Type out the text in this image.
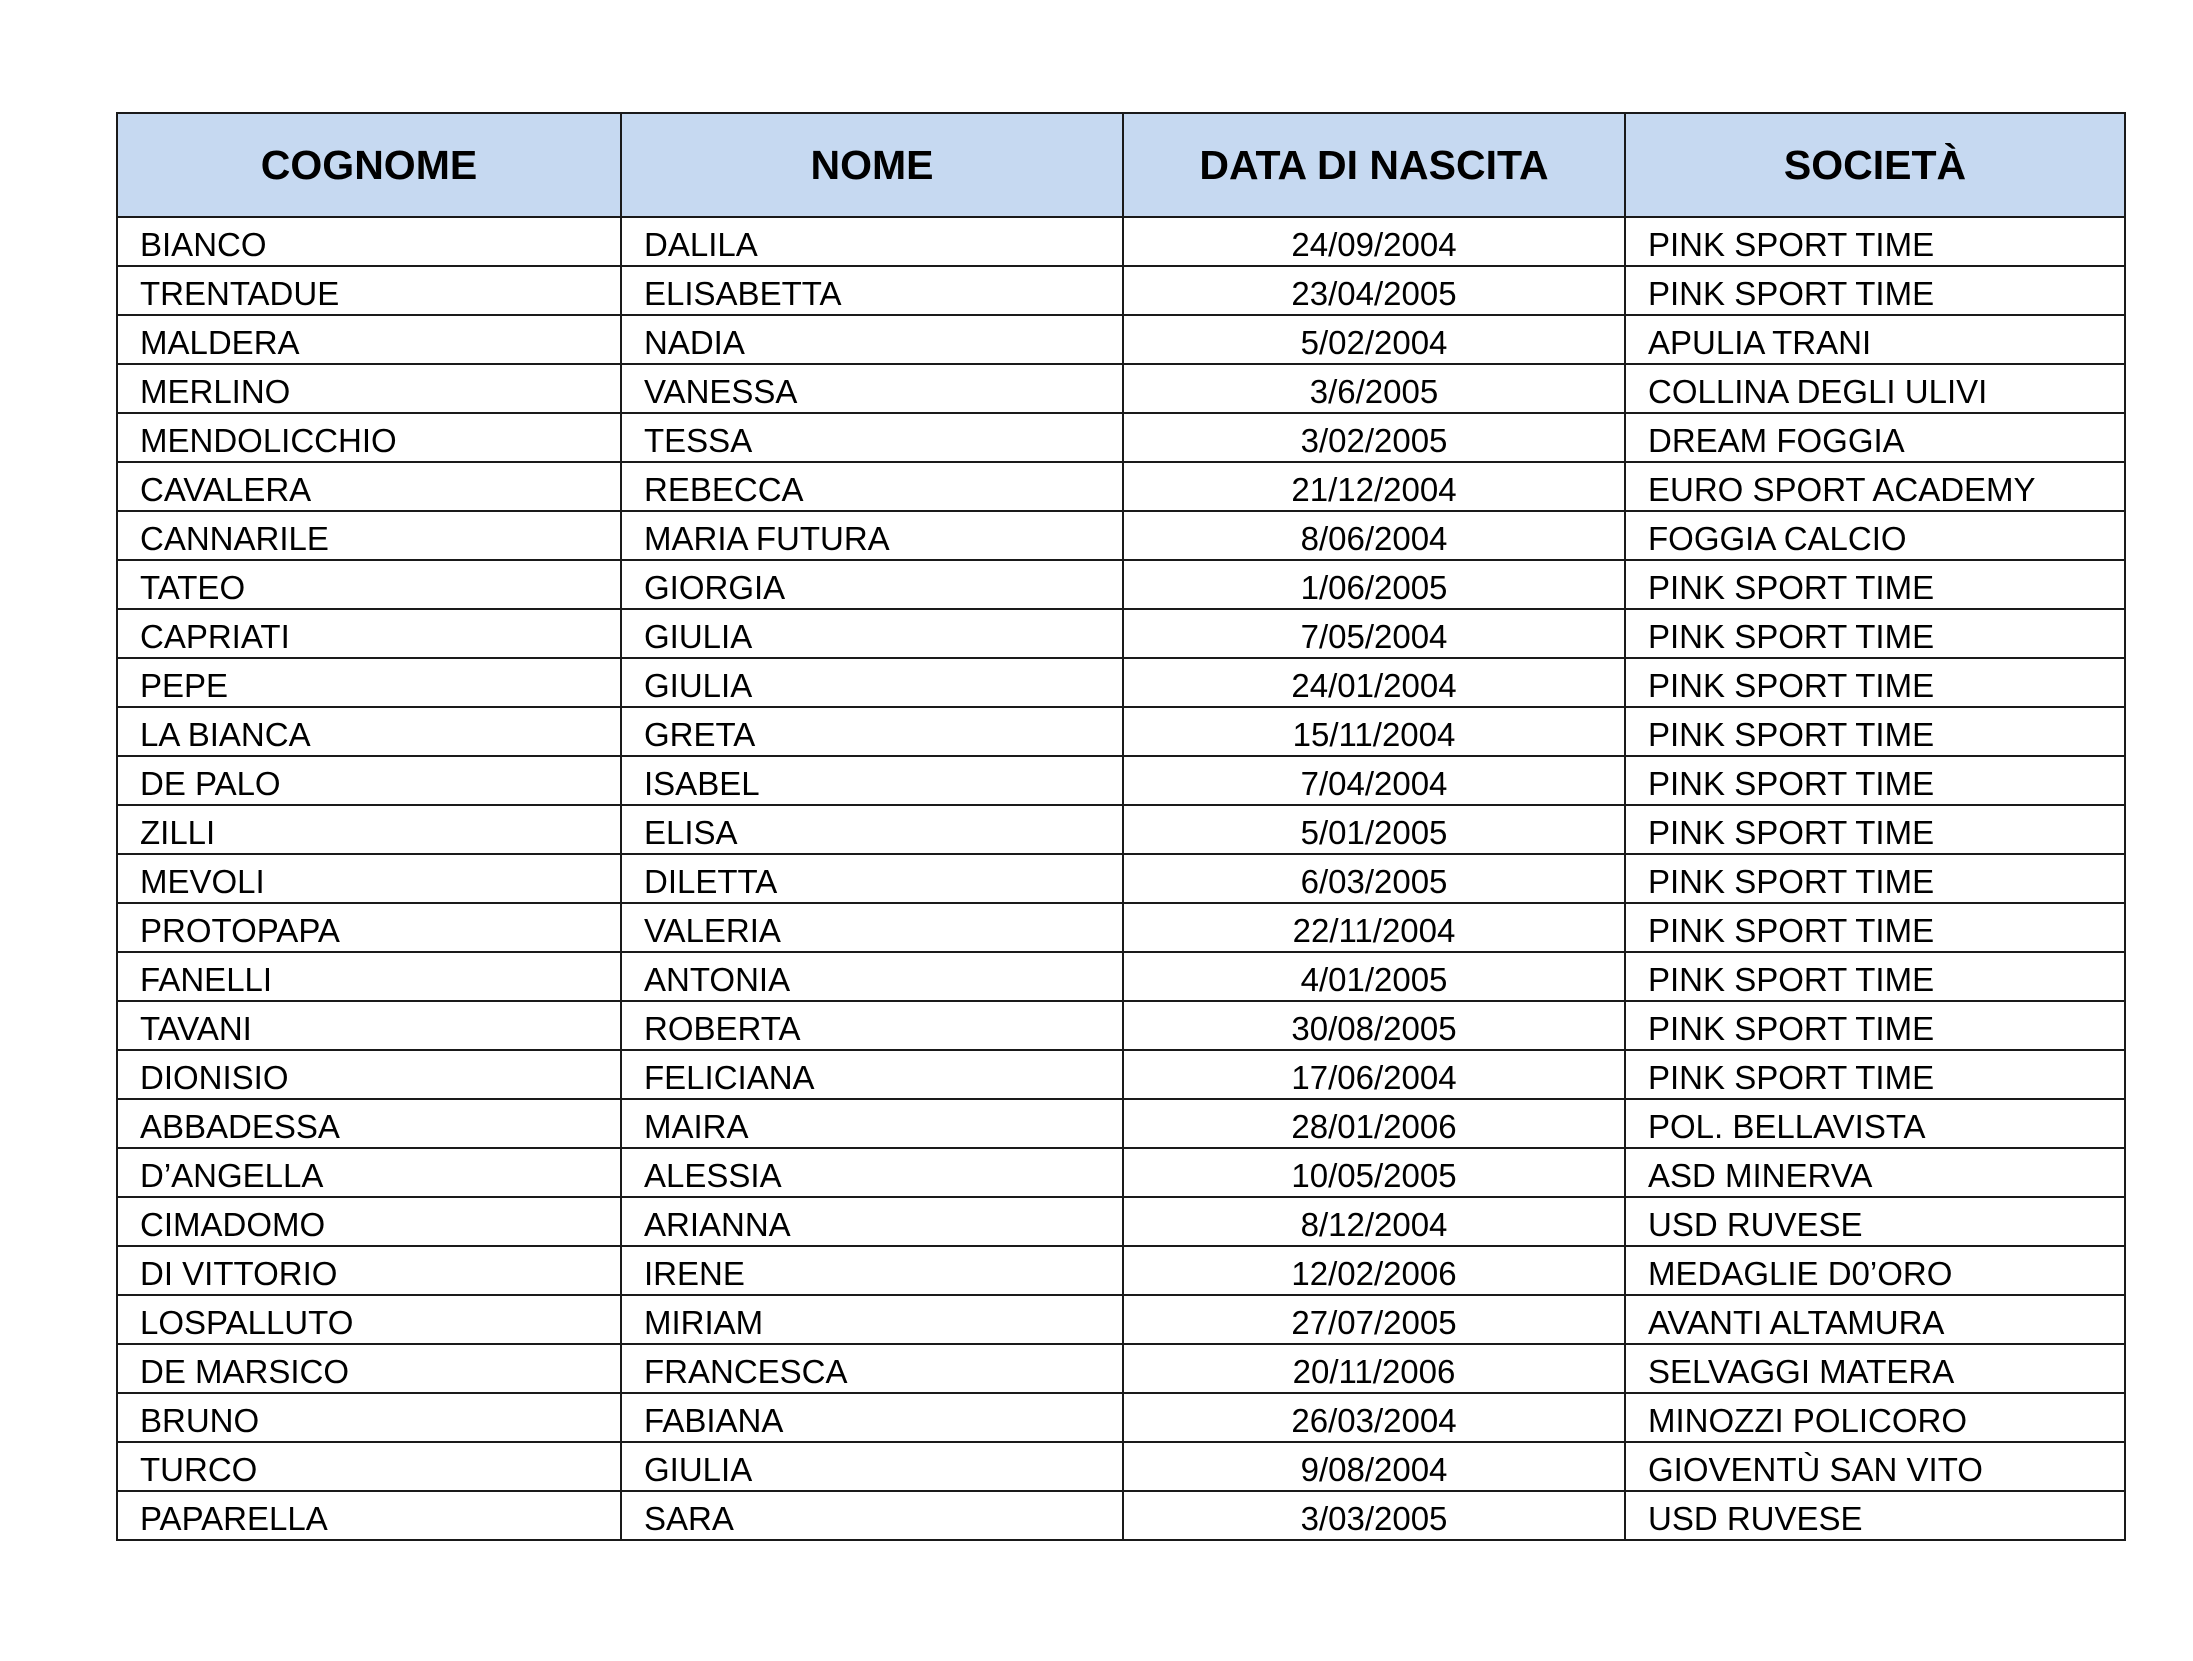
COGNOME	NOME	DATA DI NASCITA	SOCIETÀ
BIANCO	DALILA	24/09/2004	PINK SPORT TIME
TRENTADUE	ELISABETTA	23/04/2005	PINK SPORT TIME
MALDERA	NADIA	5/02/2004	APULIA TRANI
MERLINO	VANESSA	3/6/2005	COLLINA DEGLI ULIVI
MENDOLICCHIO	TESSA	3/02/2005	DREAM FOGGIA
CAVALERA	REBECCA	21/12/2004	EURO SPORT ACADEMY
CANNARILE	MARIA FUTURA	8/06/2004	FOGGIA CALCIO
TATEO	GIORGIA	1/06/2005	PINK SPORT TIME
CAPRIATI	GIULIA	7/05/2004	PINK SPORT TIME
PEPE	GIULIA	24/01/2004	PINK SPORT TIME
LA BIANCA	GRETA	15/11/2004	PINK SPORT TIME
DE PALO	ISABEL	7/04/2004	PINK SPORT TIME
ZILLI	ELISA	5/01/2005	PINK SPORT TIME
MEVOLI	DILETTA	6/03/2005	PINK SPORT TIME
PROTOPAPA	VALERIA	22/11/2004	PINK SPORT TIME
FANELLI	ANTONIA	4/01/2005	PINK SPORT TIME
TAVANI	ROBERTA	30/08/2005	PINK SPORT TIME
DIONISIO	FELICIANA	17/06/2004	PINK SPORT TIME
ABBADESSA	MAIRA	28/01/2006	POL. BELLAVISTA
D’ANGELLA	ALESSIA	10/05/2005	ASD MINERVA
CIMADOMO	ARIANNA	8/12/2004	USD RUVESE
DI VITTORIO	IRENE	12/02/2006	MEDAGLIE D0’ORO
LOSPALLUTO	MIRIAM	27/07/2005	AVANTI ALTAMURA
DE MARSICO	FRANCESCA	20/11/2006	SELVAGGI MATERA
BRUNO	FABIANA	26/03/2004	MINOZZI POLICORO
TURCO	GIULIA	9/08/2004	GIOVENTÙ SAN VITO
PAPARELLA	SARA	3/03/2005	USD RUVESE
